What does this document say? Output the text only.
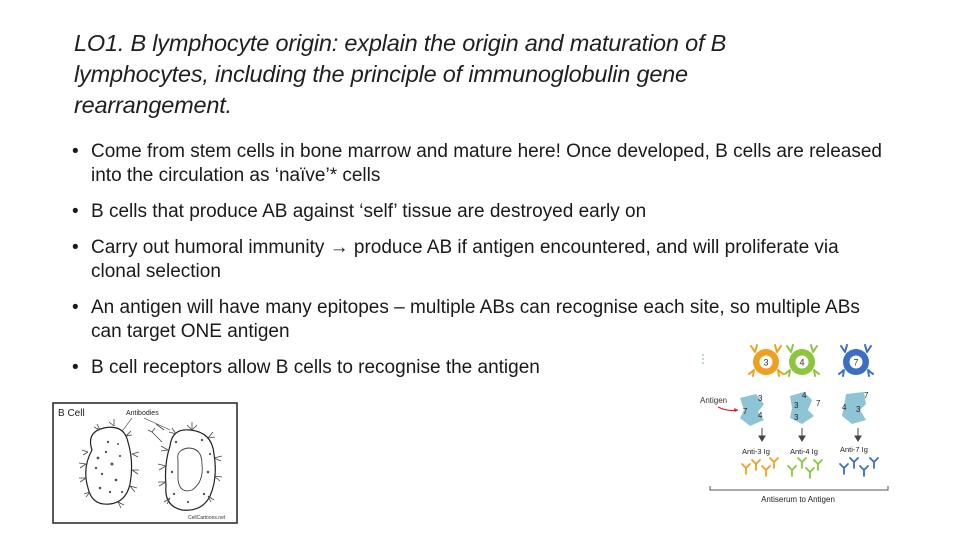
LO1. B lymphocyte origin: explain the origin and maturation of B lymphocytes, including the principle of immunoglobulin gene rearrangement.
• Come from stem cells in bone marrow and mature here! Once developed, B cells are released into the circulation as ‘naïve’* cells
• B cells that produce AB against ‘self’ tissue are destroyed early on
• Carry out humoral immunity → produce AB if antigen encountered, and will proliferate via clonal selection
• An antigen will have many epitopes – multiple ABs can recognise each site, so multiple ABs can target ONE antigen
• B cell receptors allow B cells to recognise the antigen
B Cell	Antibodies
CellCartoons.net
3	4	7
Antigen	3
7 4
4
3 7
3
7
4 3
Anti-3 Ig	Anti-4 Ig	Anti-7 Ig
Antiserum to Antigen
